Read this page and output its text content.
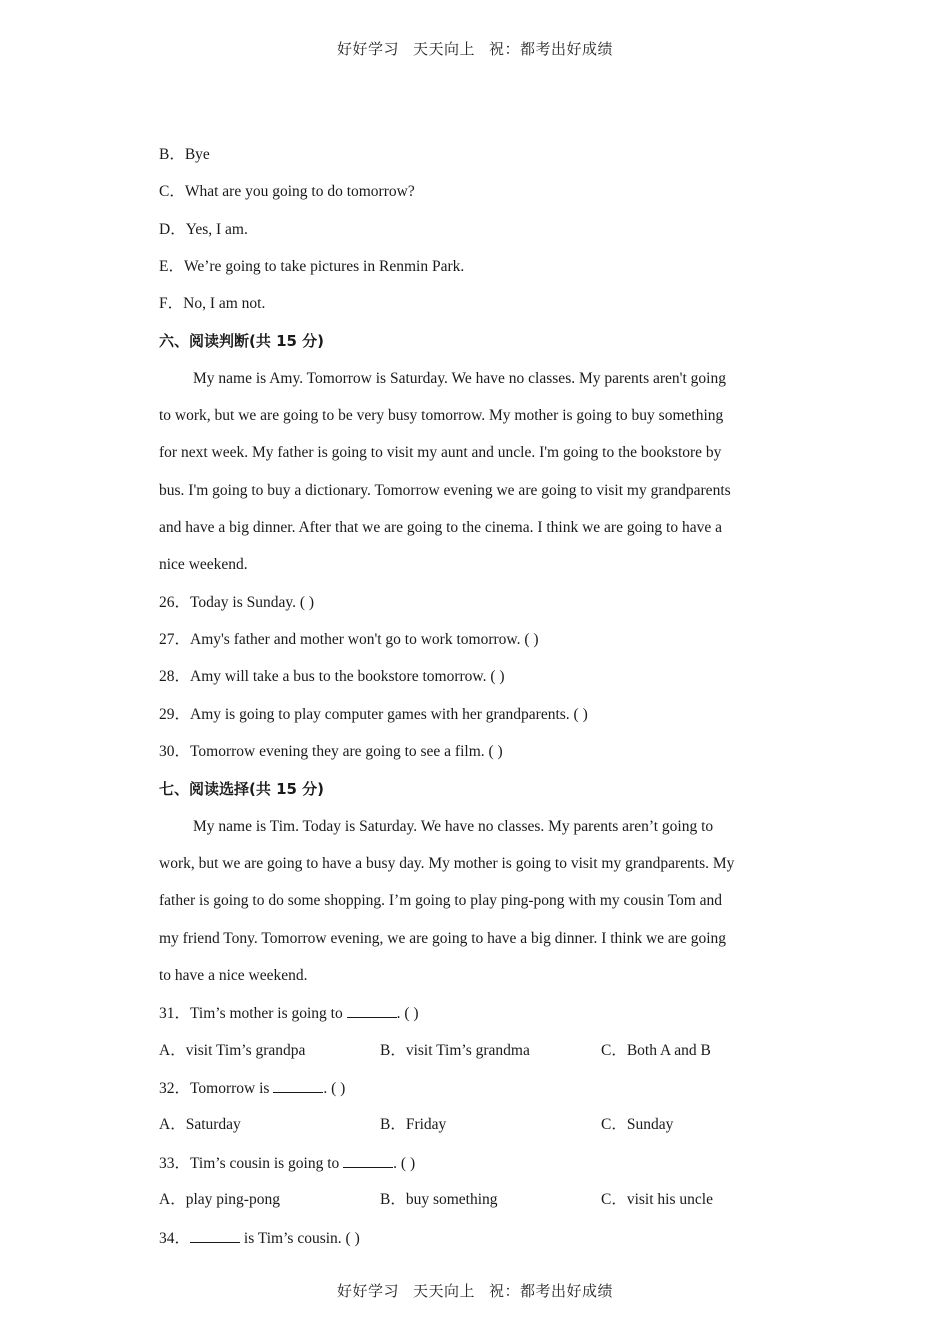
好好学习 天天向上 祝：都考出好成绩
B．Bye
C．What are you going to do tomorrow?
D．Yes, I am.
E．We’re going to take pictures in Renmin Park.
F．No, I am not.
六、阅读判断(共 15 分)
My name is Amy. Tomorrow is Saturday. We have no classes. My parents aren't going
to work, but we are going to be very busy tomorrow. My mother is going to buy something
for next week. My father is going to visit my aunt and uncle. I'm going to the bookstore by
bus. I'm going to buy a dictionary. Tomorrow evening we are going to visit my grandparents
and have a big dinner. After that we are going to the cinema. I think we are going to have a
nice weekend.
26．Today is Sunday. ( )
27．Amy's father and mother won't go to work tomorrow. ( )
28．Amy will take a bus to the bookstore tomorrow. ( )
29．Amy is going to play computer games with her grandparents. ( )
30．Tomorrow evening they are going to see a film. ( )
七、阅读选择(共 15 分)
My name is Tim. Today is Saturday. We have no classes. My parents aren’t going to
work, but we are going to have a busy day. My mother is going to visit my grandparents. My
father is going to do some shopping. I’m going to play ping-pong with my cousin Tom and
my friend Tony. Tomorrow evening, we are going to have a big dinner. I think we are going
to have a nice weekend.
31．Tim’s mother is going to	. ( )
A．visit Tim’s grandpa	B．visit Tim’s grandma	C．Both A and B
32．Tomorrow is	. ( )
A．Saturday	B．Friday	C．Sunday
33．Tim’s cousin is going to	. ( )
A．play ping-pong	B．buy something	C．visit his uncle
34．	is Tim’s cousin. ( )
好好学习 天天向上 祝：都考出好成绩
